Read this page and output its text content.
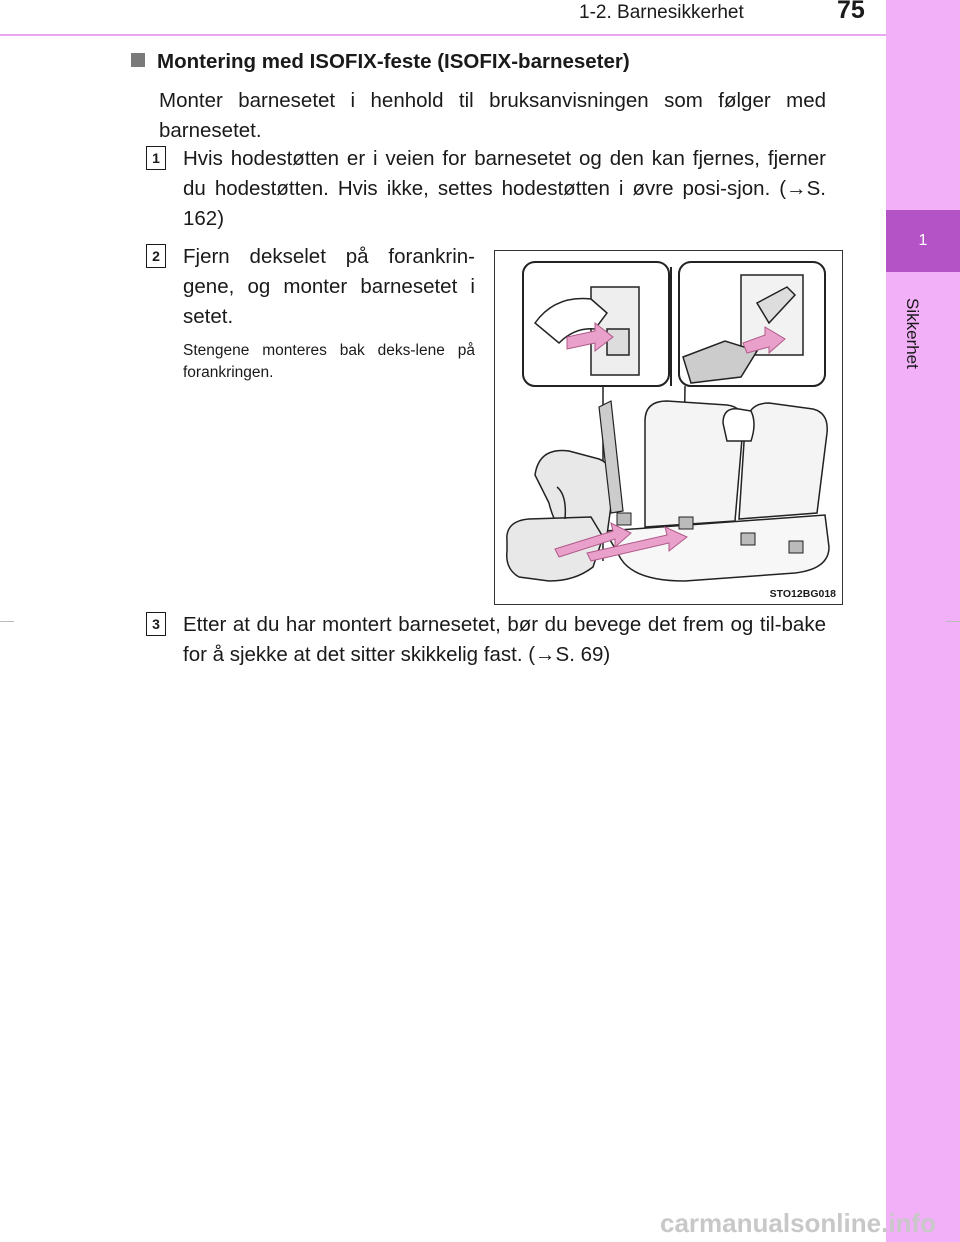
1-2. Barnesikkerhet	75
1
Sikkerhet
Montering med ISOFIX-feste (ISOFIX-barneseter)
Monter barnesetet i henhold til bruksanvisningen som følger med barnesetet.
1 Hvis hodestøtten er i veien for barnesetet og den kan fjernes, fjerner du hodestøtten. Hvis ikke, settes hodestøtten i øvre posi-sjon. (→S. 162)
2 Fjern dekselet på forankrin-gene, og monter barnesetet i setet.
Stengene monteres bak deks-lene på forankringen.
STO12BG018
3 Etter at du har montert barnesetet, bør du bevege det frem og til-bake for å sjekke at det sitter skikkelig fast. (→S. 69)
carmanualsonline.info
